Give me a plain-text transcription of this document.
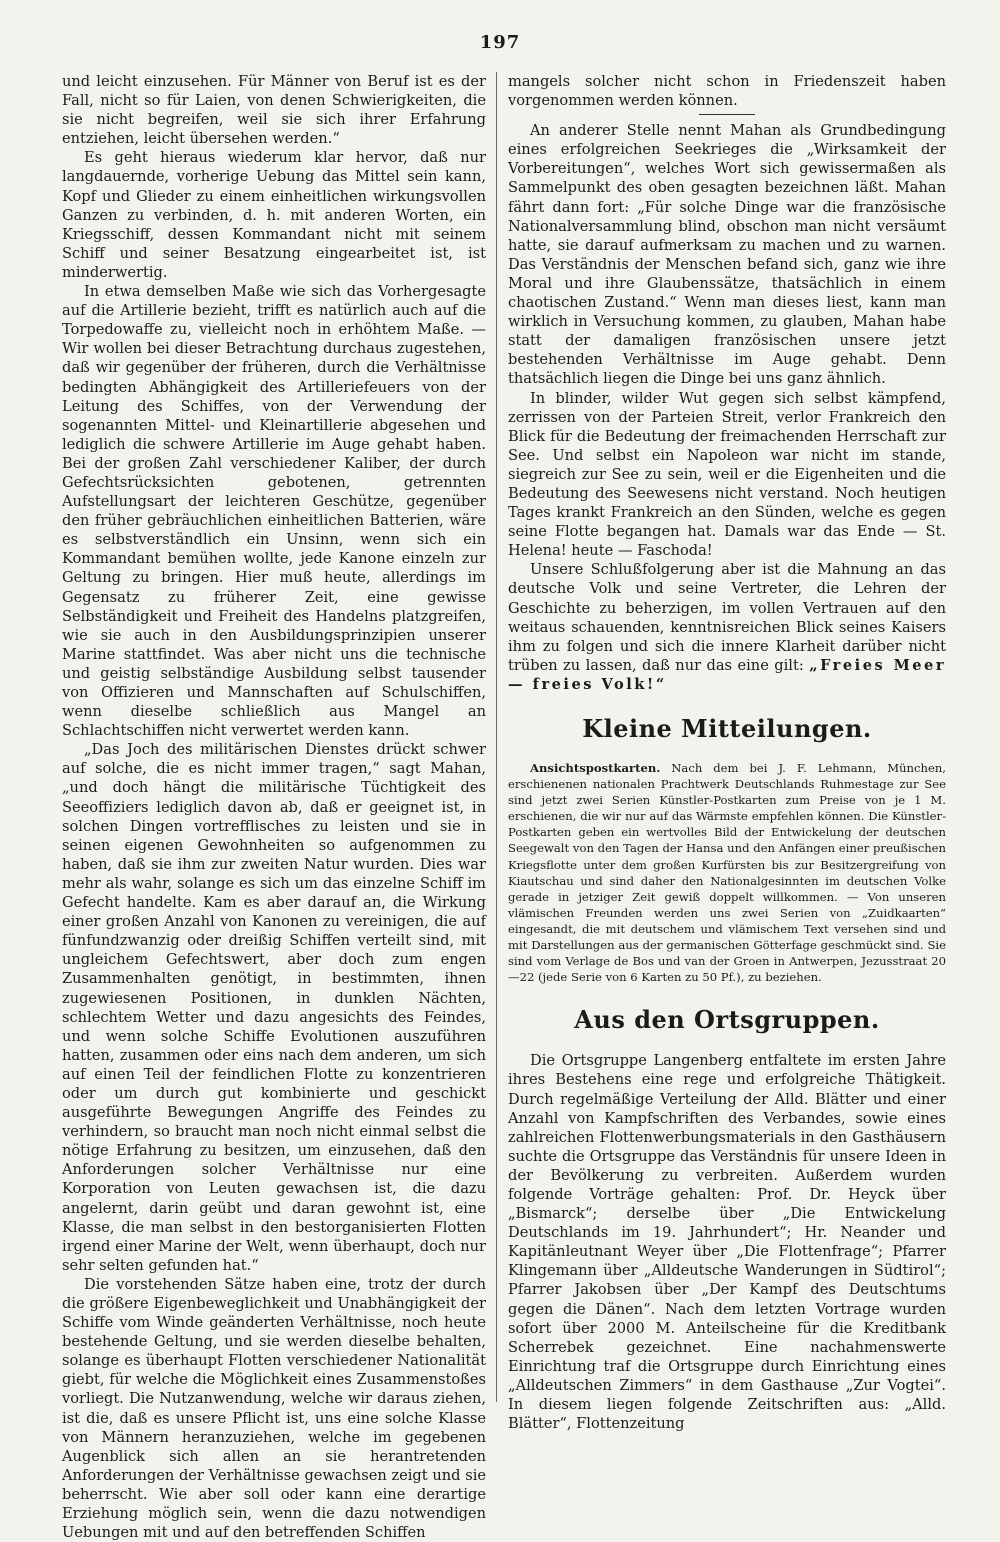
197

und leicht einzusehen. Für Männer von Beruf ist es der Fall, nicht so für Laien, von denen Schwierigkeiten, die sie nicht begreifen, weil sie sich ihrer Erfahrung entziehen, leicht übersehen werden.“

Es geht hieraus wiederum klar hervor, daß nur langdauernde, vorherige Uebung das Mittel sein kann, Kopf und Glieder zu einem einheitlichen wirkungsvollen Ganzen zu verbinden, d. h. mit anderen Worten, ein Kriegsschiff, dessen Kommandant nicht mit seinem Schiff und seiner Besatzung eingearbeitet ist, ist minderwertig.

In etwa demselben Maße wie sich das Vorhergesagte auf die Artillerie bezieht, trifft es natürlich auch auf die Torpedowaffe zu, vielleicht noch in erhöhtem Maße. — Wir wollen bei dieser Betrachtung durchaus zugestehen, daß wir gegenüber der früheren, durch die Verhältnisse bedingten Abhängigkeit des Artilleriefeuers von der Leitung des Schiffes, von der Verwendung der sogenannten Mittel- und Kleinartillerie abgesehen und lediglich die schwere Artillerie im Auge gehabt haben. Bei der großen Zahl verschiedener Kaliber, der durch Gefechtsrücksichten gebotenen, getrennten Aufstellungsart der leichteren Geschütze, gegenüber den früher gebräuchlichen einheitlichen Batterien, wäre es selbstverständlich ein Unsinn, wenn sich ein Kommandant bemühen wollte, jede Kanone einzeln zur Geltung zu bringen. Hier muß heute, allerdings im Gegensatz zu früherer Zeit, eine gewisse Selbständigkeit und Freiheit des Handelns platzgreifen, wie sie auch in den Ausbildungsprinzipien unserer Marine stattfindet. Was aber nicht uns die technische und geistig selbständige Ausbildung selbst tausender von Offizieren und Mannschaften auf Schulschiffen, wenn dieselbe schließlich aus Mangel an Schlachtschiffen nicht verwertet werden kann.

„Das Joch des militärischen Dienstes drückt schwer auf solche, die es nicht immer tragen,“ sagt Mahan, „und doch hängt die militärische Tüchtigkeit des Seeoffiziers lediglich davon ab, daß er geeignet ist, in solchen Dingen vortrefflisches zu leisten und sie in seinen eigenen Gewohnheiten so aufgenommen zu haben, daß sie ihm zur zweiten Natur wurden. Dies war mehr als wahr, solange es sich um das einzelne Schiff im Gefecht handelte. Kam es aber darauf an, die Wirkung einer großen Anzahl von Kanonen zu vereinigen, die auf fünfundzwanzig oder dreißig Schiffen verteilt sind, mit ungleichem Gefechtswert, aber doch zum engen Zusammenhalten genötigt, in bestimmten, ihnen zugewiesenen Positionen, in dunklen Nächten, schlechtem Wetter und dazu angesichts des Feindes, und wenn solche Schiffe Evolutionen auszuführen hatten, zusammen oder eins nach dem anderen, um sich auf einen Teil der feindlichen Flotte zu konzentrieren oder um durch gut kombinierte und geschickt ausgeführte Bewegungen Angriffe des Feindes zu verhindern, so braucht man noch nicht einmal selbst die nötige Erfahrung zu besitzen, um einzusehen, daß den Anforderungen solcher Verhältnisse nur eine Korporation von Leuten gewachsen ist, die dazu angelernt, darin geübt und daran gewohnt ist, eine Klasse, die man selbst in den bestorganisierten Flotten irgend einer Marine der Welt, wenn überhaupt, doch nur sehr selten gefunden hat.“

Die vorstehenden Sätze haben eine, trotz der durch die größere Eigenbeweglichkeit und Unabhängigkeit der Schiffe vom Winde geänderten Verhältnisse, noch heute bestehende Geltung, und sie werden dieselbe behalten, solange es überhaupt Flotten verschiedener Nationalität giebt, für welche die Möglichkeit eines Zusammenstoßes vorliegt. Die Nutzanwendung, welche wir daraus ziehen, ist die, daß es unsere Pflicht ist, uns eine solche Klasse von Männern heranzuziehen, welche im gegebenen Augenblick sich allen an sie herantretenden Anforderungen der Verhältnisse gewachsen zeigt und sie beherrscht. Wie aber soll oder kann eine derartige Erziehung möglich sein, wenn die dazu notwendigen Uebungen mit und auf den betreffenden Schiffen

mangels solcher nicht schon in Friedenszeit haben vorgenommen werden können.

An anderer Stelle nennt Mahan als Grundbedingung eines erfolgreichen Seekrieges die „Wirksamkeit der Vorbereitungen“, welches Wort sich gewissermaßen als Sammelpunkt des oben gesagten bezeichnen läßt. Mahan fährt dann fort: „Für solche Dinge war die französische Nationalversammlung blind, obschon man nicht versäumt hatte, sie darauf aufmerksam zu machen und zu warnen. Das Verständnis der Menschen befand sich, ganz wie ihre Moral und ihre Glaubenssätze, thatsächlich in einem chaotischen Zustand.“ Wenn man dieses liest, kann man wirklich in Versuchung kommen, zu glauben, Mahan habe statt der damaligen französischen unsere jetzt bestehenden Verhältnisse im Auge gehabt. Denn thatsächlich liegen die Dinge bei uns ganz ähnlich.

In blinder, wilder Wut gegen sich selbst kämpfend, zerrissen von der Parteien Streit, verlor Frankreich den Blick für die Bedeutung der freimachenden Herrschaft zur See. Und selbst ein Napoleon war nicht im stande, siegreich zur See zu sein, weil er die Eigenheiten und die Bedeutung des Seewesens nicht verstand. Noch heutigen Tages krankt Frankreich an den Sünden, welche es gegen seine Flotte begangen hat. Damals war das Ende — St. Helena! heute — Faschoda!

Unsere Schlußfolgerung aber ist die Mahnung an das deutsche Volk und seine Vertreter, die Lehren der Geschichte zu beherzigen, im vollen Vertrauen auf den weitaus schauenden, kenntnisreichen Blick seines Kaisers ihm zu folgen und sich die innere Klarheit darüber nicht trüben zu lassen, daß nur das eine gilt: „Freies Meer — freies Volk!“

Kleine Mitteilungen.

Ansichtspostkarten. Nach dem bei J. F. Lehmann, München, erschienenen nationalen Prachtwerk Deutschlands Ruhmestage zur See sind jetzt zwei Serien Künstler-Postkarten zum Preise von je 1 M. erschienen, die wir nur auf das Wärmste empfehlen können. Die Künstler-Postkarten geben ein wertvolles Bild der Entwickelung der deutschen Seegewalt von den Tagen der Hansa und den Anfängen einer preußischen Kriegsflotte unter dem großen Kurfürsten bis zur Besitzergreifung von Kiautschau und sind daher den Nationalgesinnten im deutschen Volke gerade in jetziger Zeit gewiß doppelt willkommen. — Von unseren vlämischen Freunden werden uns zwei Serien von „Zuidkaarten“ eingesandt, die mit deutschem und vlämischem Text versehen sind und mit Darstellungen aus der germanischen Götterfage geschmückt sind. Sie sind vom Verlage de Bos und van der Groen in Antwerpen, Jezusstraat 20—22 (jede Serie von 6 Karten zu 50 Pf.), zu beziehen.

Aus den Ortsgruppen.

Die Ortsgruppe Langenberg entfaltete im ersten Jahre ihres Bestehens eine rege und erfolgreiche Thätigkeit. Durch regelmäßige Verteilung der Alld. Blätter und einer Anzahl von Kampfschriften des Verbandes, sowie eines zahlreichen Flottenwerbungsmaterials in den Gasthäusern suchte die Ortsgruppe das Verständnis für unsere Ideen in der Bevölkerung zu verbreiten. Außerdem wurden folgende Vorträge gehalten: Prof. Dr. Heyck über „Bismarck“; derselbe über „Die Entwickelung Deutschlands im 19. Jahrhundert“; Hr. Neander und Kapitänleutnant Weyer über „Die Flottenfrage“; Pfarrer Klingemann über „Alldeutsche Wanderungen in Südtirol“; Pfarrer Jakobsen über „Der Kampf des Deutschtums gegen die Dänen“. Nach dem letzten Vortrage wurden sofort über 2000 M. Anteilscheine für die Kreditbank Scherrebek gezeichnet. Eine nachahmenswerte Einrichtung traf die Ortsgruppe durch Einrichtung eines „Alldeutschen Zimmers“ in dem Gasthause „Zur Vogtei“. In diesem liegen folgende Zeitschriften aus: „Alld. Blätter“, Flottenzeitung
